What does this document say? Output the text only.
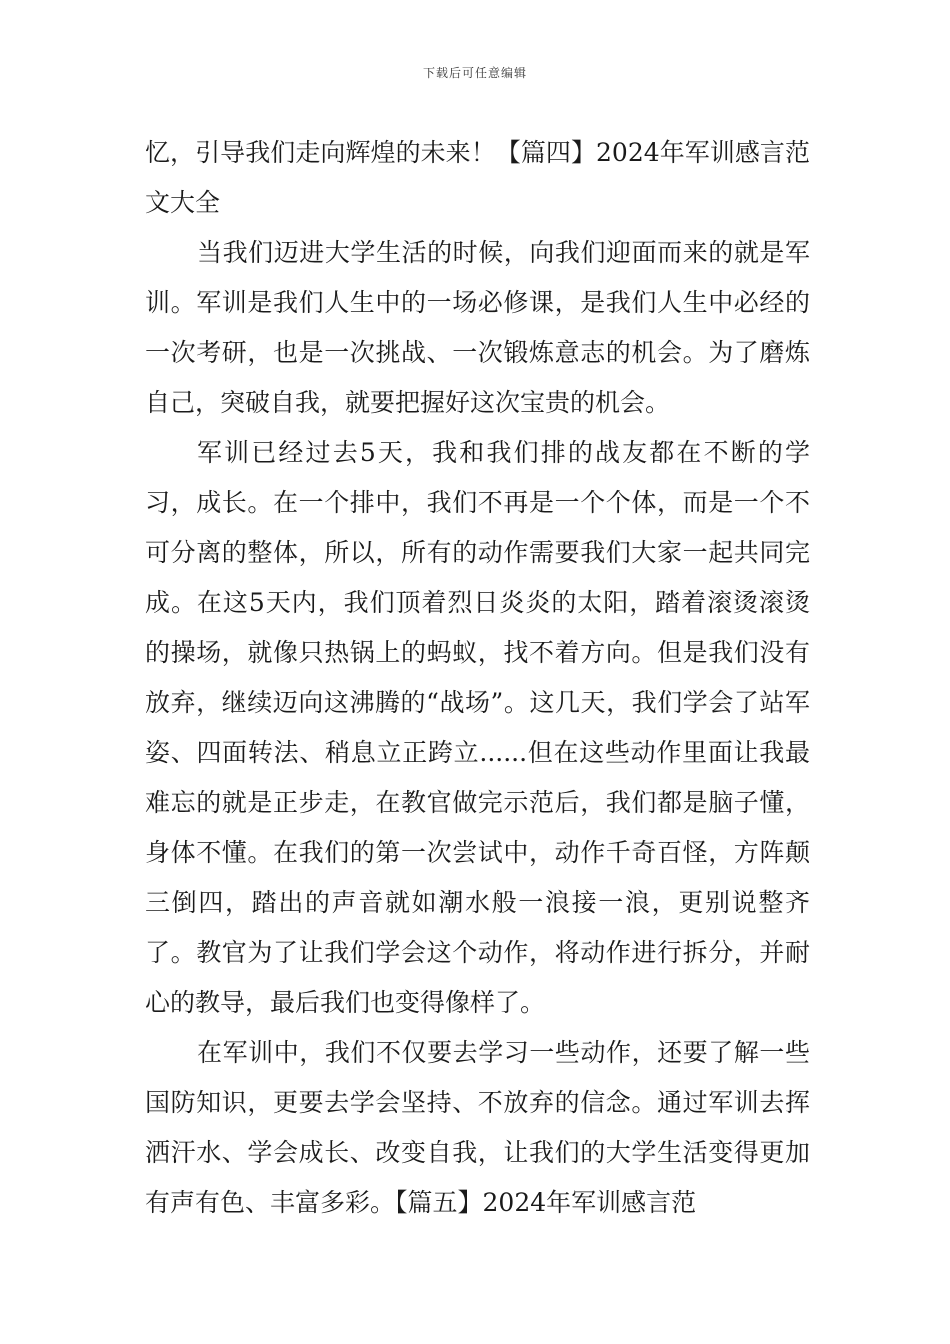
下载后可任意编辑

忆，引导我们走向辉煌的未来！【篇四】2024年军训感言范文大全

当我们迈进大学生活的时候，向我们迎面而来的就是军训。军训是我们人生中的一场必修课，是我们人生中必经的一次考研，也是一次挑战、一次锻炼意志的机会。为了磨炼自己，突破自我，就要把握好这次宝贵的机会。

军训已经过去5天，我和我们排的战友都在不断的学习，成长。在一个排中，我们不再是一个个体，而是一个不可分离的整体，所以，所有的动作需要我们大家一起共同完成。在这5天内，我们顶着烈日炎炎的太阳，踏着滚烫滚烫的操场，就像只热锅上的蚂蚁，找不着方向。但是我们没有放弃，继续迈向这沸腾的“战场”。这几天，我们学会了站军姿、四面转法、稍息立正跨立......但在这些动作里面让我最难忘的就是正步走，在教官做完示范后，我们都是脑子懂，身体不懂。在我们的第一次尝试中，动作千奇百怪，方阵颠三倒四，踏出的声音就如潮水般一浪接一浪，更别说整齐了。教官为了让我们学会这个动作，将动作进行拆分，并耐心的教导，最后我们也变得像样了。

在军训中，我们不仅要去学习一些动作，还要了解一些国防知识，更要去学会坚持、不放弃的信念。通过军训去挥洒汗水、学会成长、改变自我，让我们的大学生活变得更加有声有色、丰富多彩。【篇五】2024年军训感言范
